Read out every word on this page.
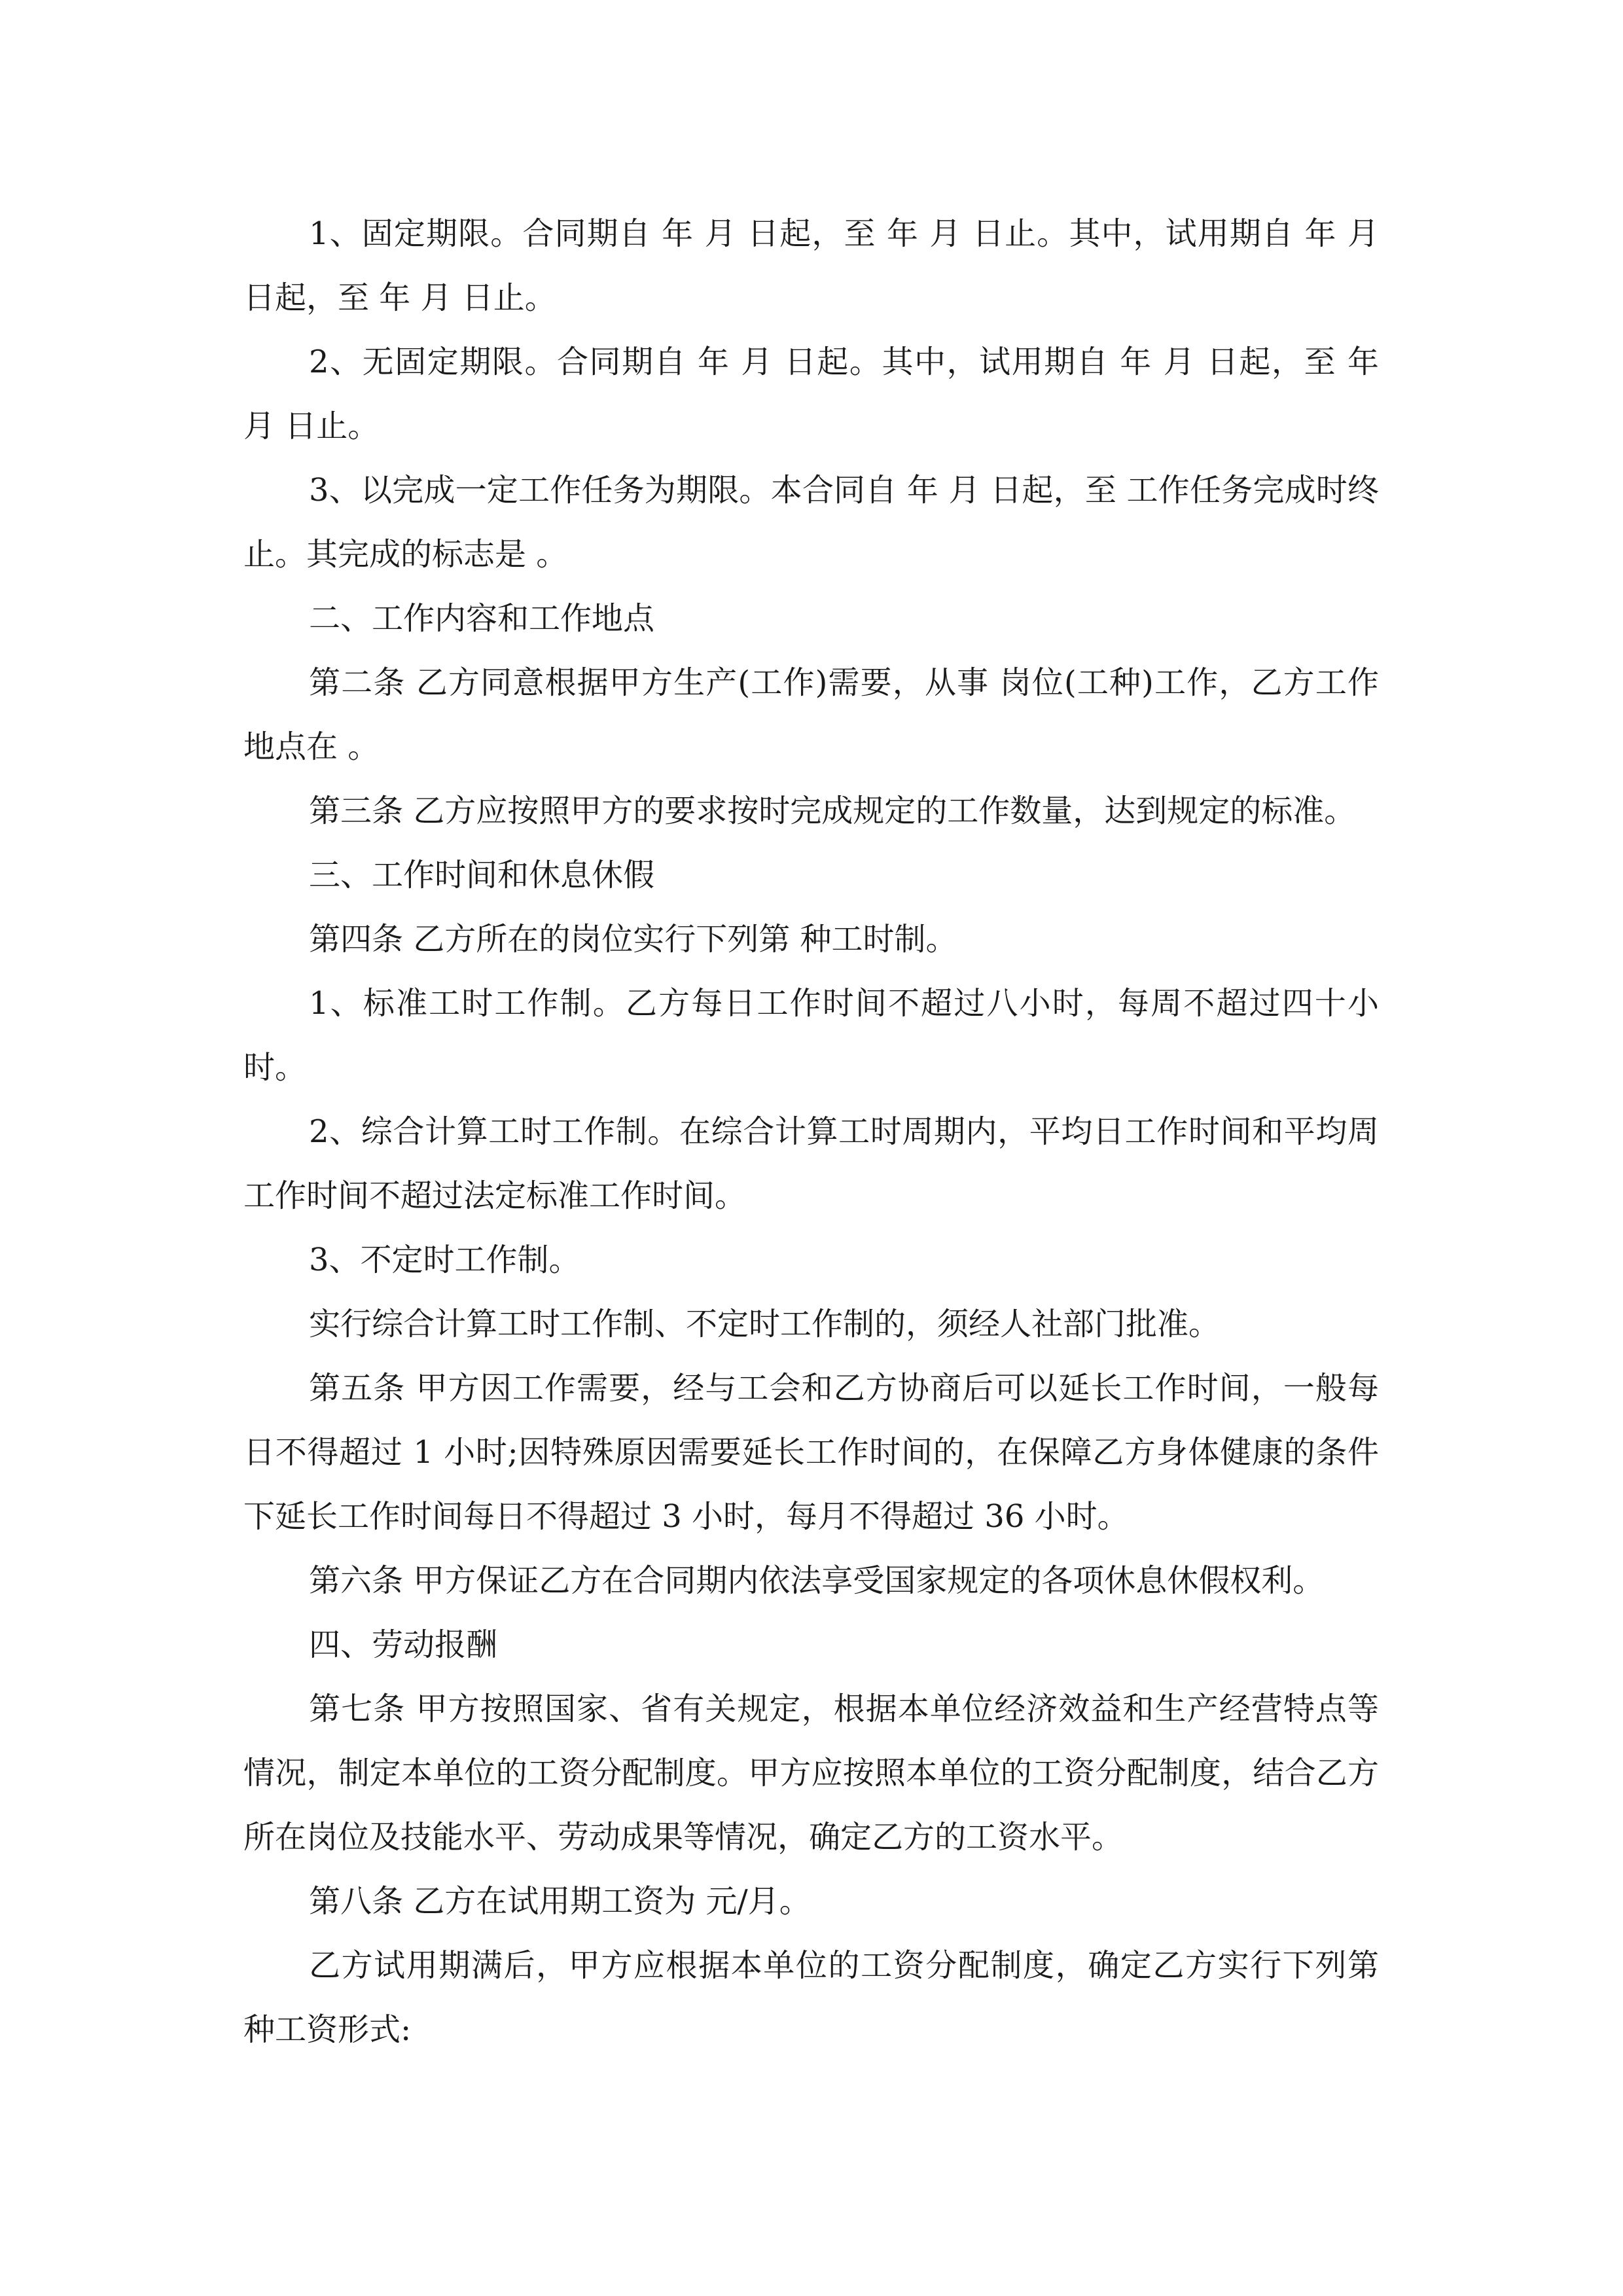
1、固定期限。合同期自 年 月 日起，至 年 月 日止。其中，试用期自 年 月 日起，至 年 月 日止。

2、无固定期限。合同期自 年 月 日起。其中，试用期自 年 月 日起，至 年 月 日止。

3、以完成一定工作任务为期限。本合同自 年 月 日起，至 工作任务完成时终止。其完成的标志是 。

二、工作内容和工作地点

第二条 乙方同意根据甲方生产(工作)需要，从事 岗位(工种)工作，乙方工作地点在 。

第三条 乙方应按照甲方的要求按时完成规定的工作数量，达到规定的标准。

三、工作时间和休息休假

第四条 乙方所在的岗位实行下列第 种工时制。

1、标准工时工作制。乙方每日工作时间不超过八小时，每周不超过四十小时。

2、综合计算工时工作制。在综合计算工时周期内，平均日工作时间和平均周工作时间不超过法定标准工作时间。

3、不定时工作制。

实行综合计算工时工作制、不定时工作制的，须经人社部门批准。

第五条 甲方因工作需要，经与工会和乙方协商后可以延长工作时间，一般每日不得超过 1 小时;因特殊原因需要延长工作时间的，在保障乙方身体健康的条件下延长工作时间每日不得超过 3 小时，每月不得超过 36 小时。

第六条 甲方保证乙方在合同期内依法享受国家规定的各项休息休假权利。

四、劳动报酬

第七条 甲方按照国家、省有关规定，根据本单位经济效益和生产经营特点等情况，制定本单位的工资分配制度。甲方应按照本单位的工资分配制度，结合乙方所在岗位及技能水平、劳动成果等情况，确定乙方的工资水平。

第八条 乙方在试用期工资为 元/月。

乙方试用期满后，甲方应根据本单位的工资分配制度，确定乙方实行下列第 种工资形式:
